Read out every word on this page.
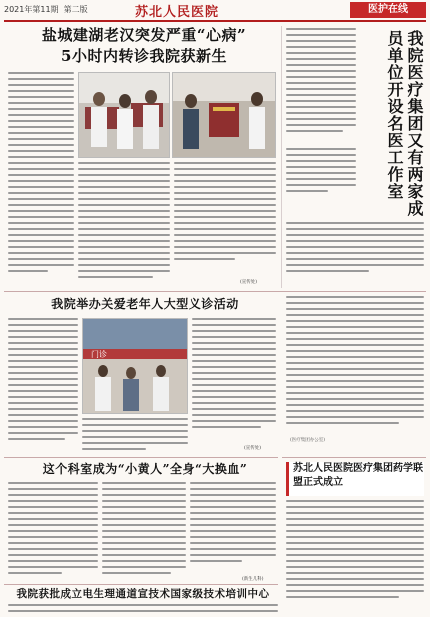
2021年第11期 第二版	苏北人民医院	医护在线
盐城建湖老汉突发严重“心病”
5小时内转诊我院获新生
(宣传处)
我院医疗集团又有两家成员单位开设名医工作室
我院举办关爱老年人大型义诊活动
门诊
(宣传处)
(医疗集团办公室)
这个科室成为“小黄人”全身“大换血”
(新生儿科)
苏北人民医院医疗集团药学联盟正式成立
我院获批成立电生理通道宣技术国家级技术培训中心
